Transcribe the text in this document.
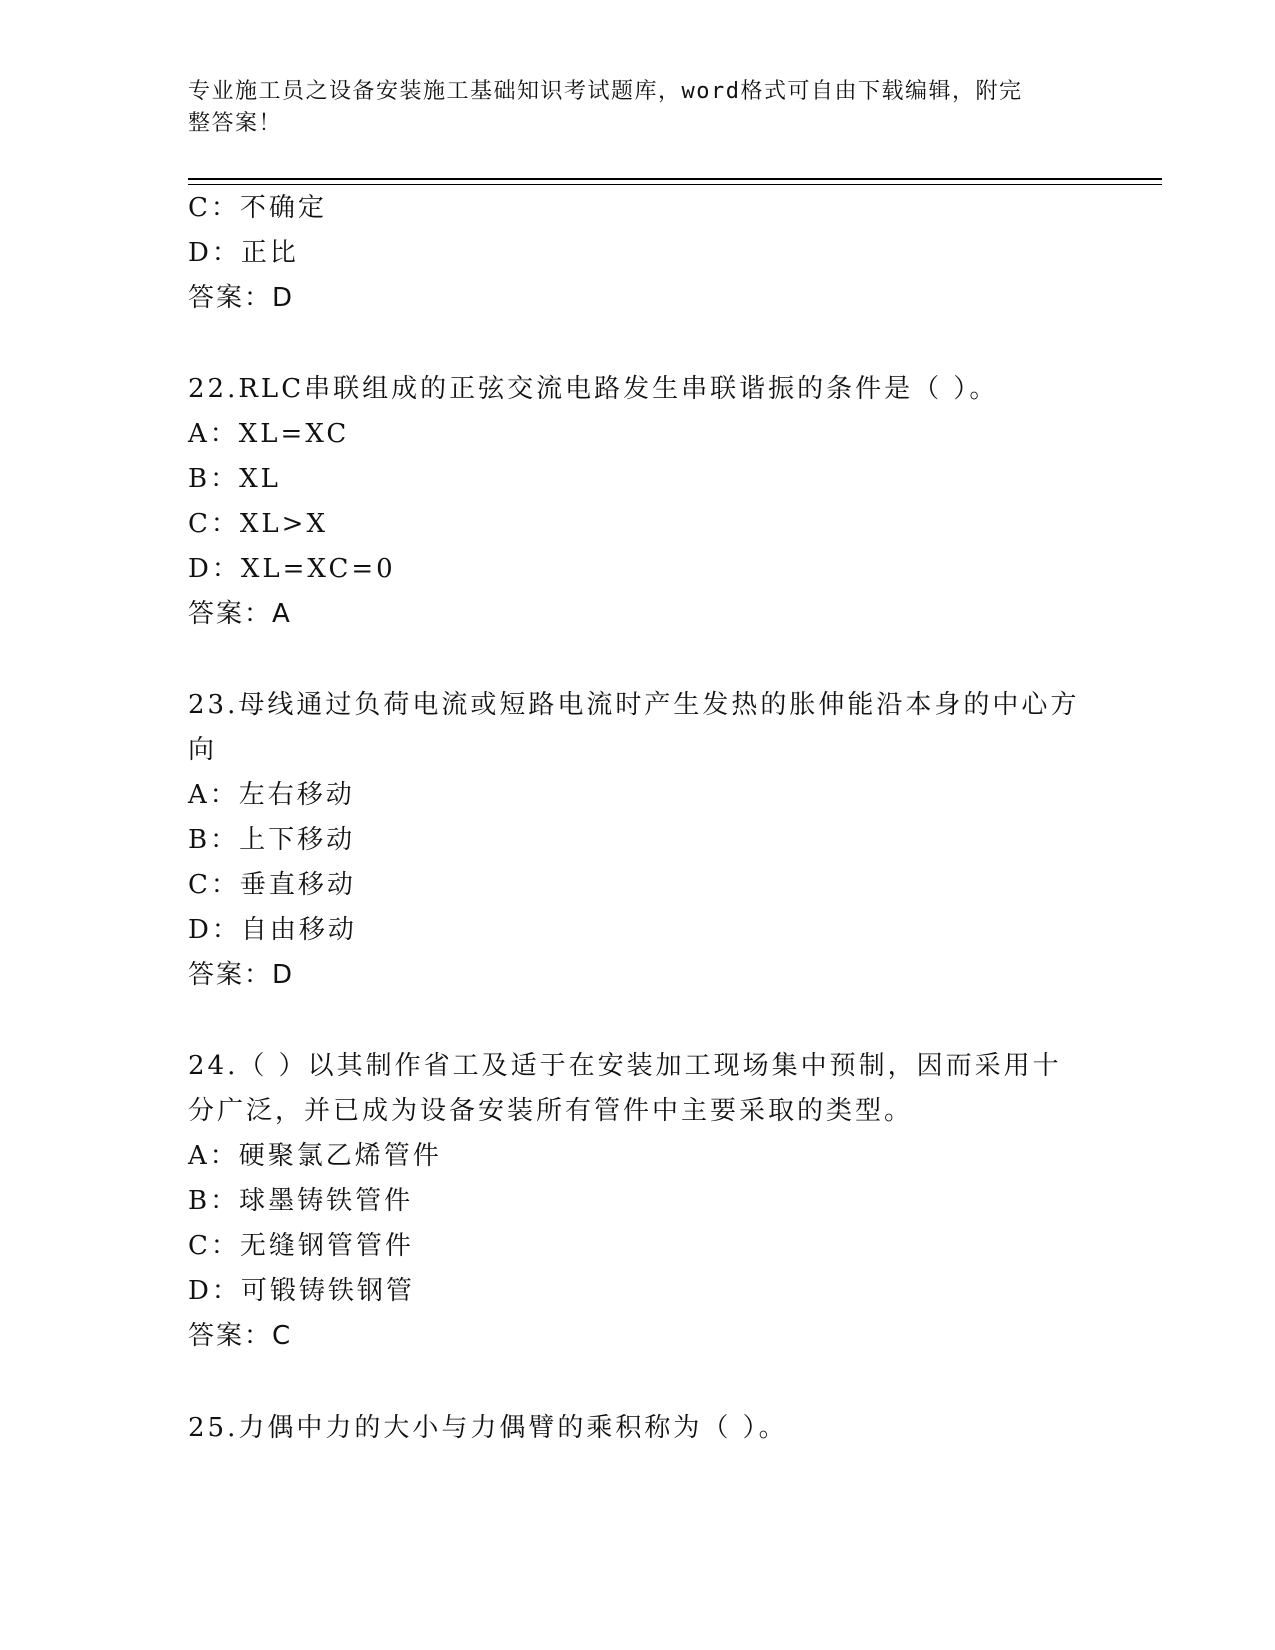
专业施工员之设备安装施工基础知识考试题库，word格式可自由下载编辑，附完
整答案！
C：不确定
D：正比
答案：D
22.RLC串联组成的正弦交流电路发生串联谐振的条件是（ ）。
A：XL=XC
B：XL
C：XL>X
D：XL=XC=0
答案：A
23.母线通过负荷电流或短路电流时产生发热的胀伸能沿本身的中心方
向
A：左右移动
B：上下移动
C：垂直移动
D：自由移动
答案：D
24.（ ）以其制作省工及适于在安装加工现场集中预制，因而采用十
分广泛，并已成为设备安装所有管件中主要采取的类型。
A：硬聚氯乙烯管件
B：球墨铸铁管件
C：无缝钢管管件
D：可锻铸铁钢管
答案：C
25.力偶中力的大小与力偶臂的乘积称为（ ）。
